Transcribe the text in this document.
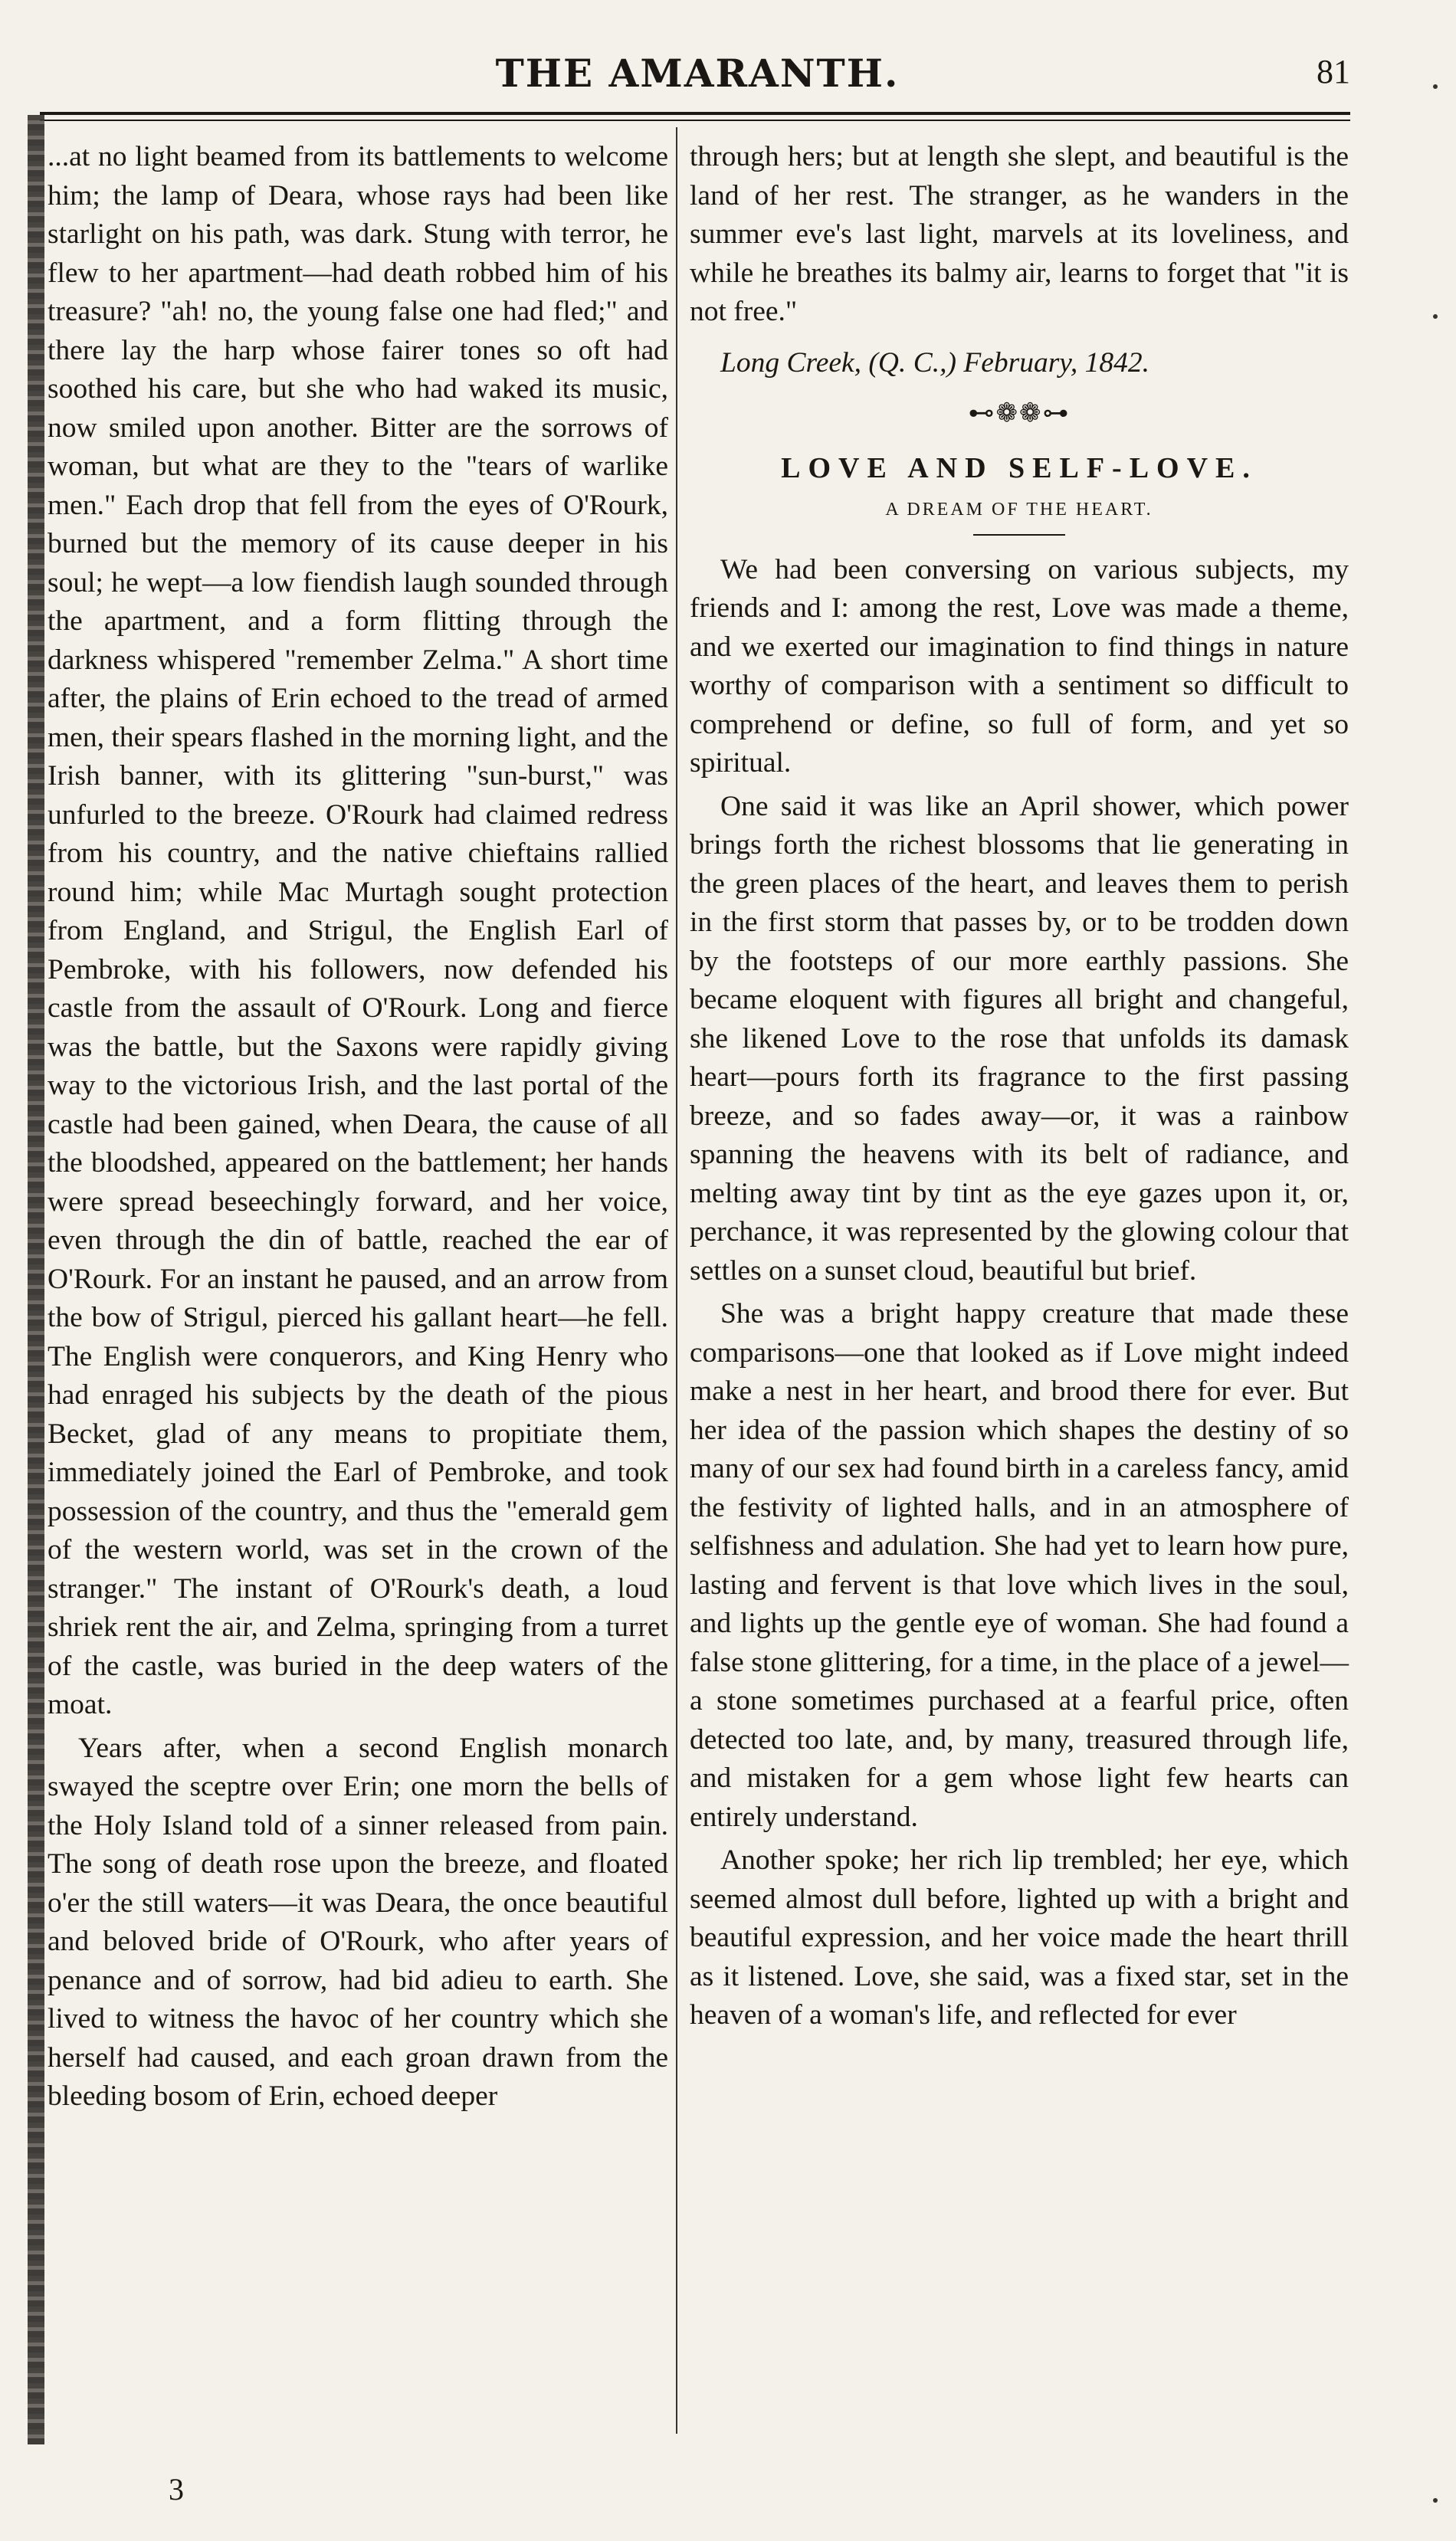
THE AMARANTH.	81

...at no light beamed from its battlements to welcome him; the lamp of Deara, whose rays had been like starlight on his path, was dark. Stung with terror, he flew to her apartment—had death robbed him of his treasure? "ah! no, the young false one had fled;" and there lay the harp whose fairer tones so oft had soothed his care, but she who had waked its music, now smiled upon another. Bitter are the sorrows of woman, but what are they to the "tears of warlike men." Each drop that fell from the eyes of O'Rourk, burned but the memory of its cause deeper in his soul; he wept—a low fiendish laugh sounded through the apartment, and a form flitting through the darkness whispered "remember Zelma." A short time after, the plains of Erin echoed to the tread of armed men, their spears flashed in the morning light, and the Irish banner, with its glittering "sun-burst," was unfurled to the breeze. O'Rourk had claimed redress from his country, and the native chieftains rallied round him; while Mac Murtagh sought protection from England, and Strigul, the English Earl of Pembroke, with his followers, now defended his castle from the assault of O'Rourk. Long and fierce was the battle, but the Saxons were rapidly giving way to the victorious Irish, and the last portal of the castle had been gained, when Deara, the cause of all the bloodshed, appeared on the battlement; her hands were spread beseechingly forward, and her voice, even through the din of battle, reached the ear of O'Rourk. For an instant he paused, and an arrow from the bow of Strigul, pierced his gallant heart—he fell. The English were conquerors, and King Henry who had enraged his subjects by the death of the pious Becket, glad of any means to propitiate them, immediately joined the Earl of Pembroke, and took possession of the country, and thus the "emerald gem of the western world, was set in the crown of the stranger." The instant of O'Rourk's death, a loud shriek rent the air, and Zelma, springing from a turret of the castle, was buried in the deep waters of the moat.

Years after, when a second English monarch swayed the sceptre over Erin; one morn the bells of the Holy Island told of a sinner released from pain. The song of death rose upon the breeze, and floated o'er the still waters—it was Deara, the once beautiful and beloved bride of O'Rourk, who after years of penance and of sorrow, had bid adieu to earth. She lived to witness the havoc of her country which she herself had caused, and each groan drawn from the bleeding bosom of Erin, echoed deeper

through hers; but at length she slept, and beautiful is the land of her rest. The stranger, as he wanders in the summer eve's last light, marvels at its loveliness, and while he breathes its balmy air, learns to forget that "it is not free."

Long Creek, (Q. C.,) February, 1842.

⊷❁❁⊶

LOVE AND SELF-LOVE.

A DREAM OF THE HEART.

We had been conversing on various subjects, my friends and I: among the rest, Love was made a theme, and we exerted our imagination to find things in nature worthy of comparison with a sentiment so difficult to comprehend or define, so full of form, and yet so spiritual.

One said it was like an April shower, which power brings forth the richest blossoms that lie generating in the green places of the heart, and leaves them to perish in the first storm that passes by, or to be trodden down by the footsteps of our more earthly passions. She became eloquent with figures all bright and changeful, she likened Love to the rose that unfolds its damask heart—pours forth its fragrance to the first passing breeze, and so fades away—or, it was a rainbow spanning the heavens with its belt of radiance, and melting away tint by tint as the eye gazes upon it, or, perchance, it was represented by the glowing colour that settles on a sunset cloud, beautiful but brief.

She was a bright happy creature that made these comparisons—one that looked as if Love might indeed make a nest in her heart, and brood there for ever. But her idea of the passion which shapes the destiny of so many of our sex had found birth in a careless fancy, amid the festivity of lighted halls, and in an atmosphere of selfishness and adulation. She had yet to learn how pure, lasting and fervent is that love which lives in the soul, and lights up the gentle eye of woman. She had found a false stone glittering, for a time, in the place of a jewel—a stone sometimes purchased at a fearful price, often detected too late, and, by many, treasured through life, and mistaken for a gem whose light few hearts can entirely understand.

Another spoke; her rich lip trembled; her eye, which seemed almost dull before, lighted up with a bright and beautiful expression, and her voice made the heart thrill as it listened. Love, she said, was a fixed star, set in the heaven of a woman's life, and reflected for ever

3
